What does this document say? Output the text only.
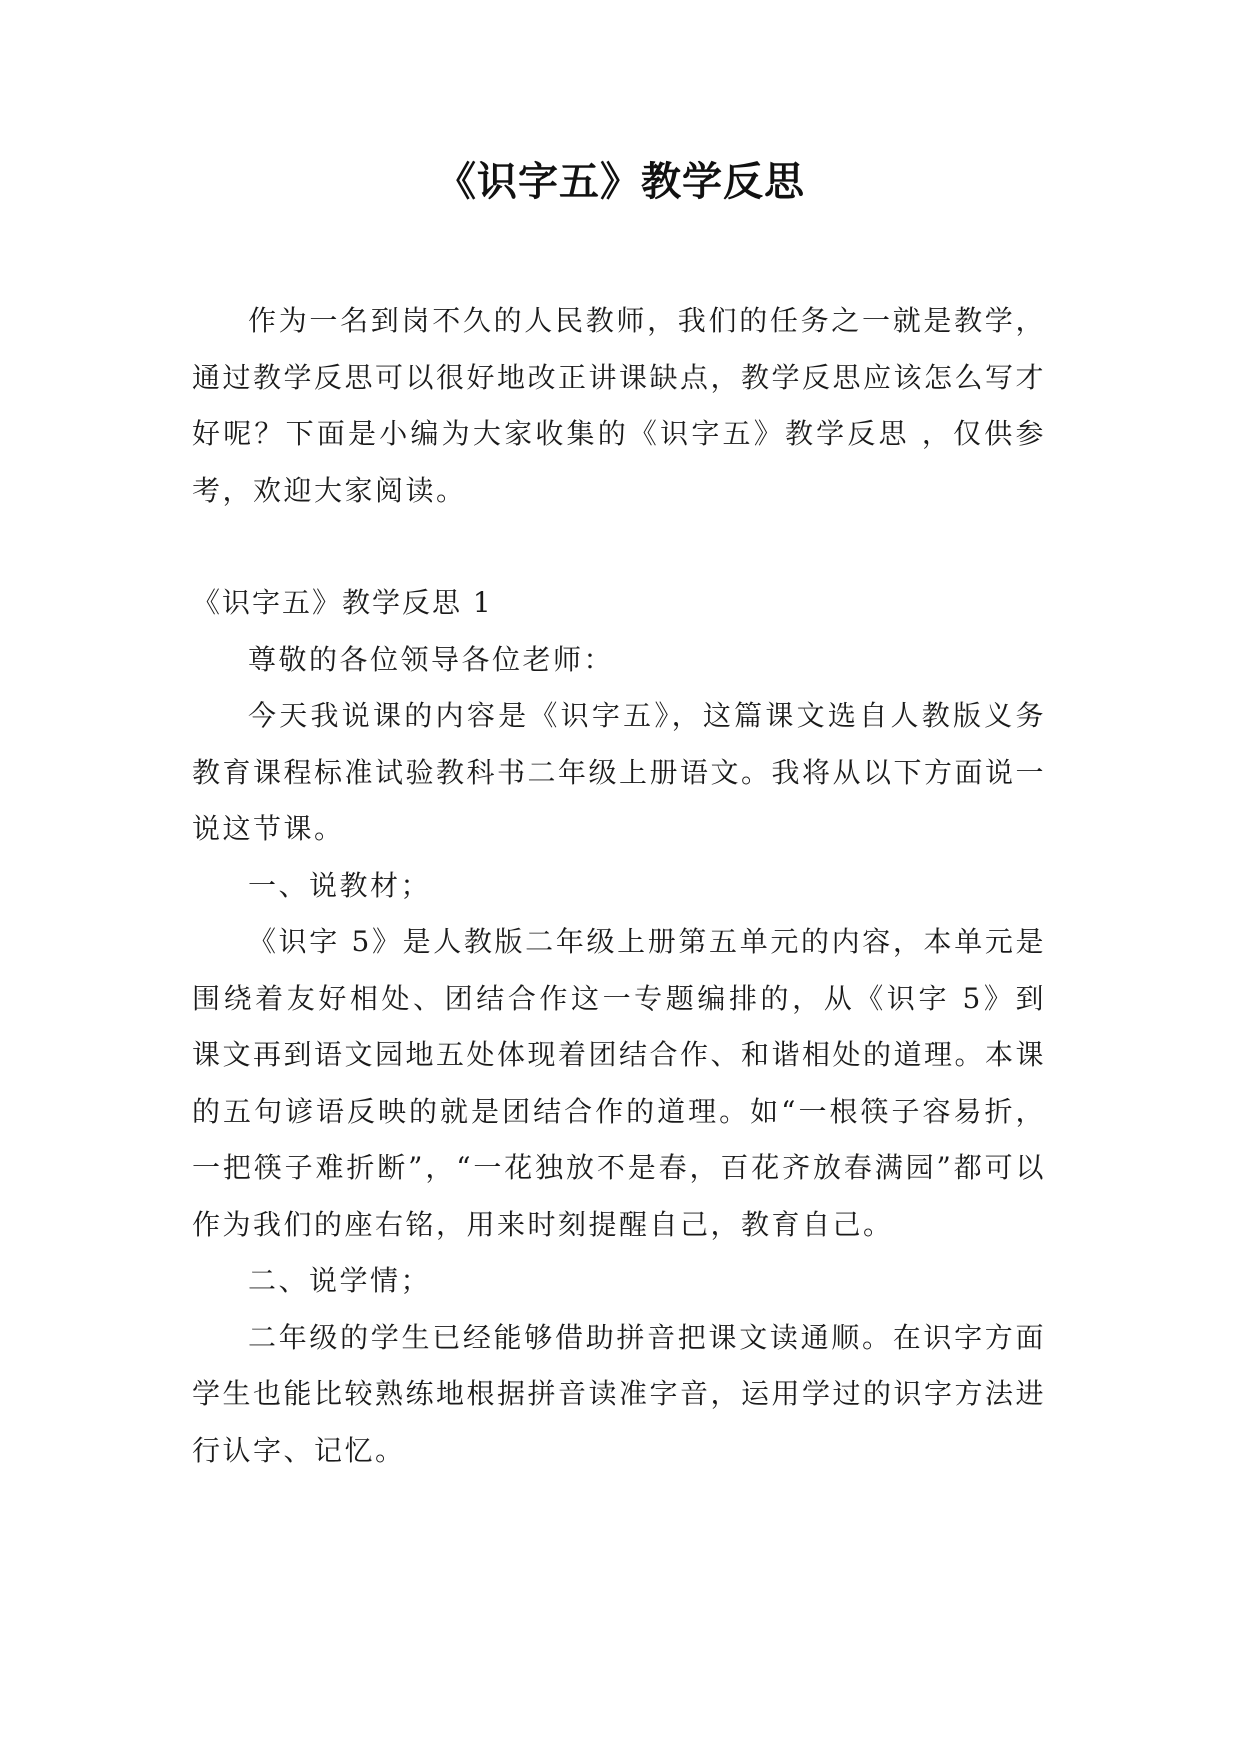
《识字五》教学反思

作为一名到岗不久的人民教师，我们的任务之一就是教学，通过教学反思可以很好地改正讲课缺点，教学反思应该怎么写才好呢？下面是小编为大家收集的《识字五》教学反思 ，仅供参考，欢迎大家阅读。

《识字五》教学反思 1

尊敬的各位领导各位老师：

今天我说课的内容是《识字五》，这篇课文选自人教版义务教育课程标准试验教科书二年级上册语文。我将从以下方面说一说这节课。

一、说教材；

《识字 5》是人教版二年级上册第五单元的内容，本单元是围绕着友好相处、团结合作这一专题编排的，从《识字 5》到课文再到语文园地五处体现着团结合作、和谐相处的道理。本课的五句谚语反映的就是团结合作的道理。如“一根筷子容易折，一把筷子难折断”，“一花独放不是春，百花齐放春满园”都可以作为我们的座右铭，用来时刻提醒自己，教育自己。

二、说学情；

二年级的学生已经能够借助拼音把课文读通顺。在识字方面学生也能比较熟练地根据拼音读准字音，运用学过的识字方法进行认字、记忆。
